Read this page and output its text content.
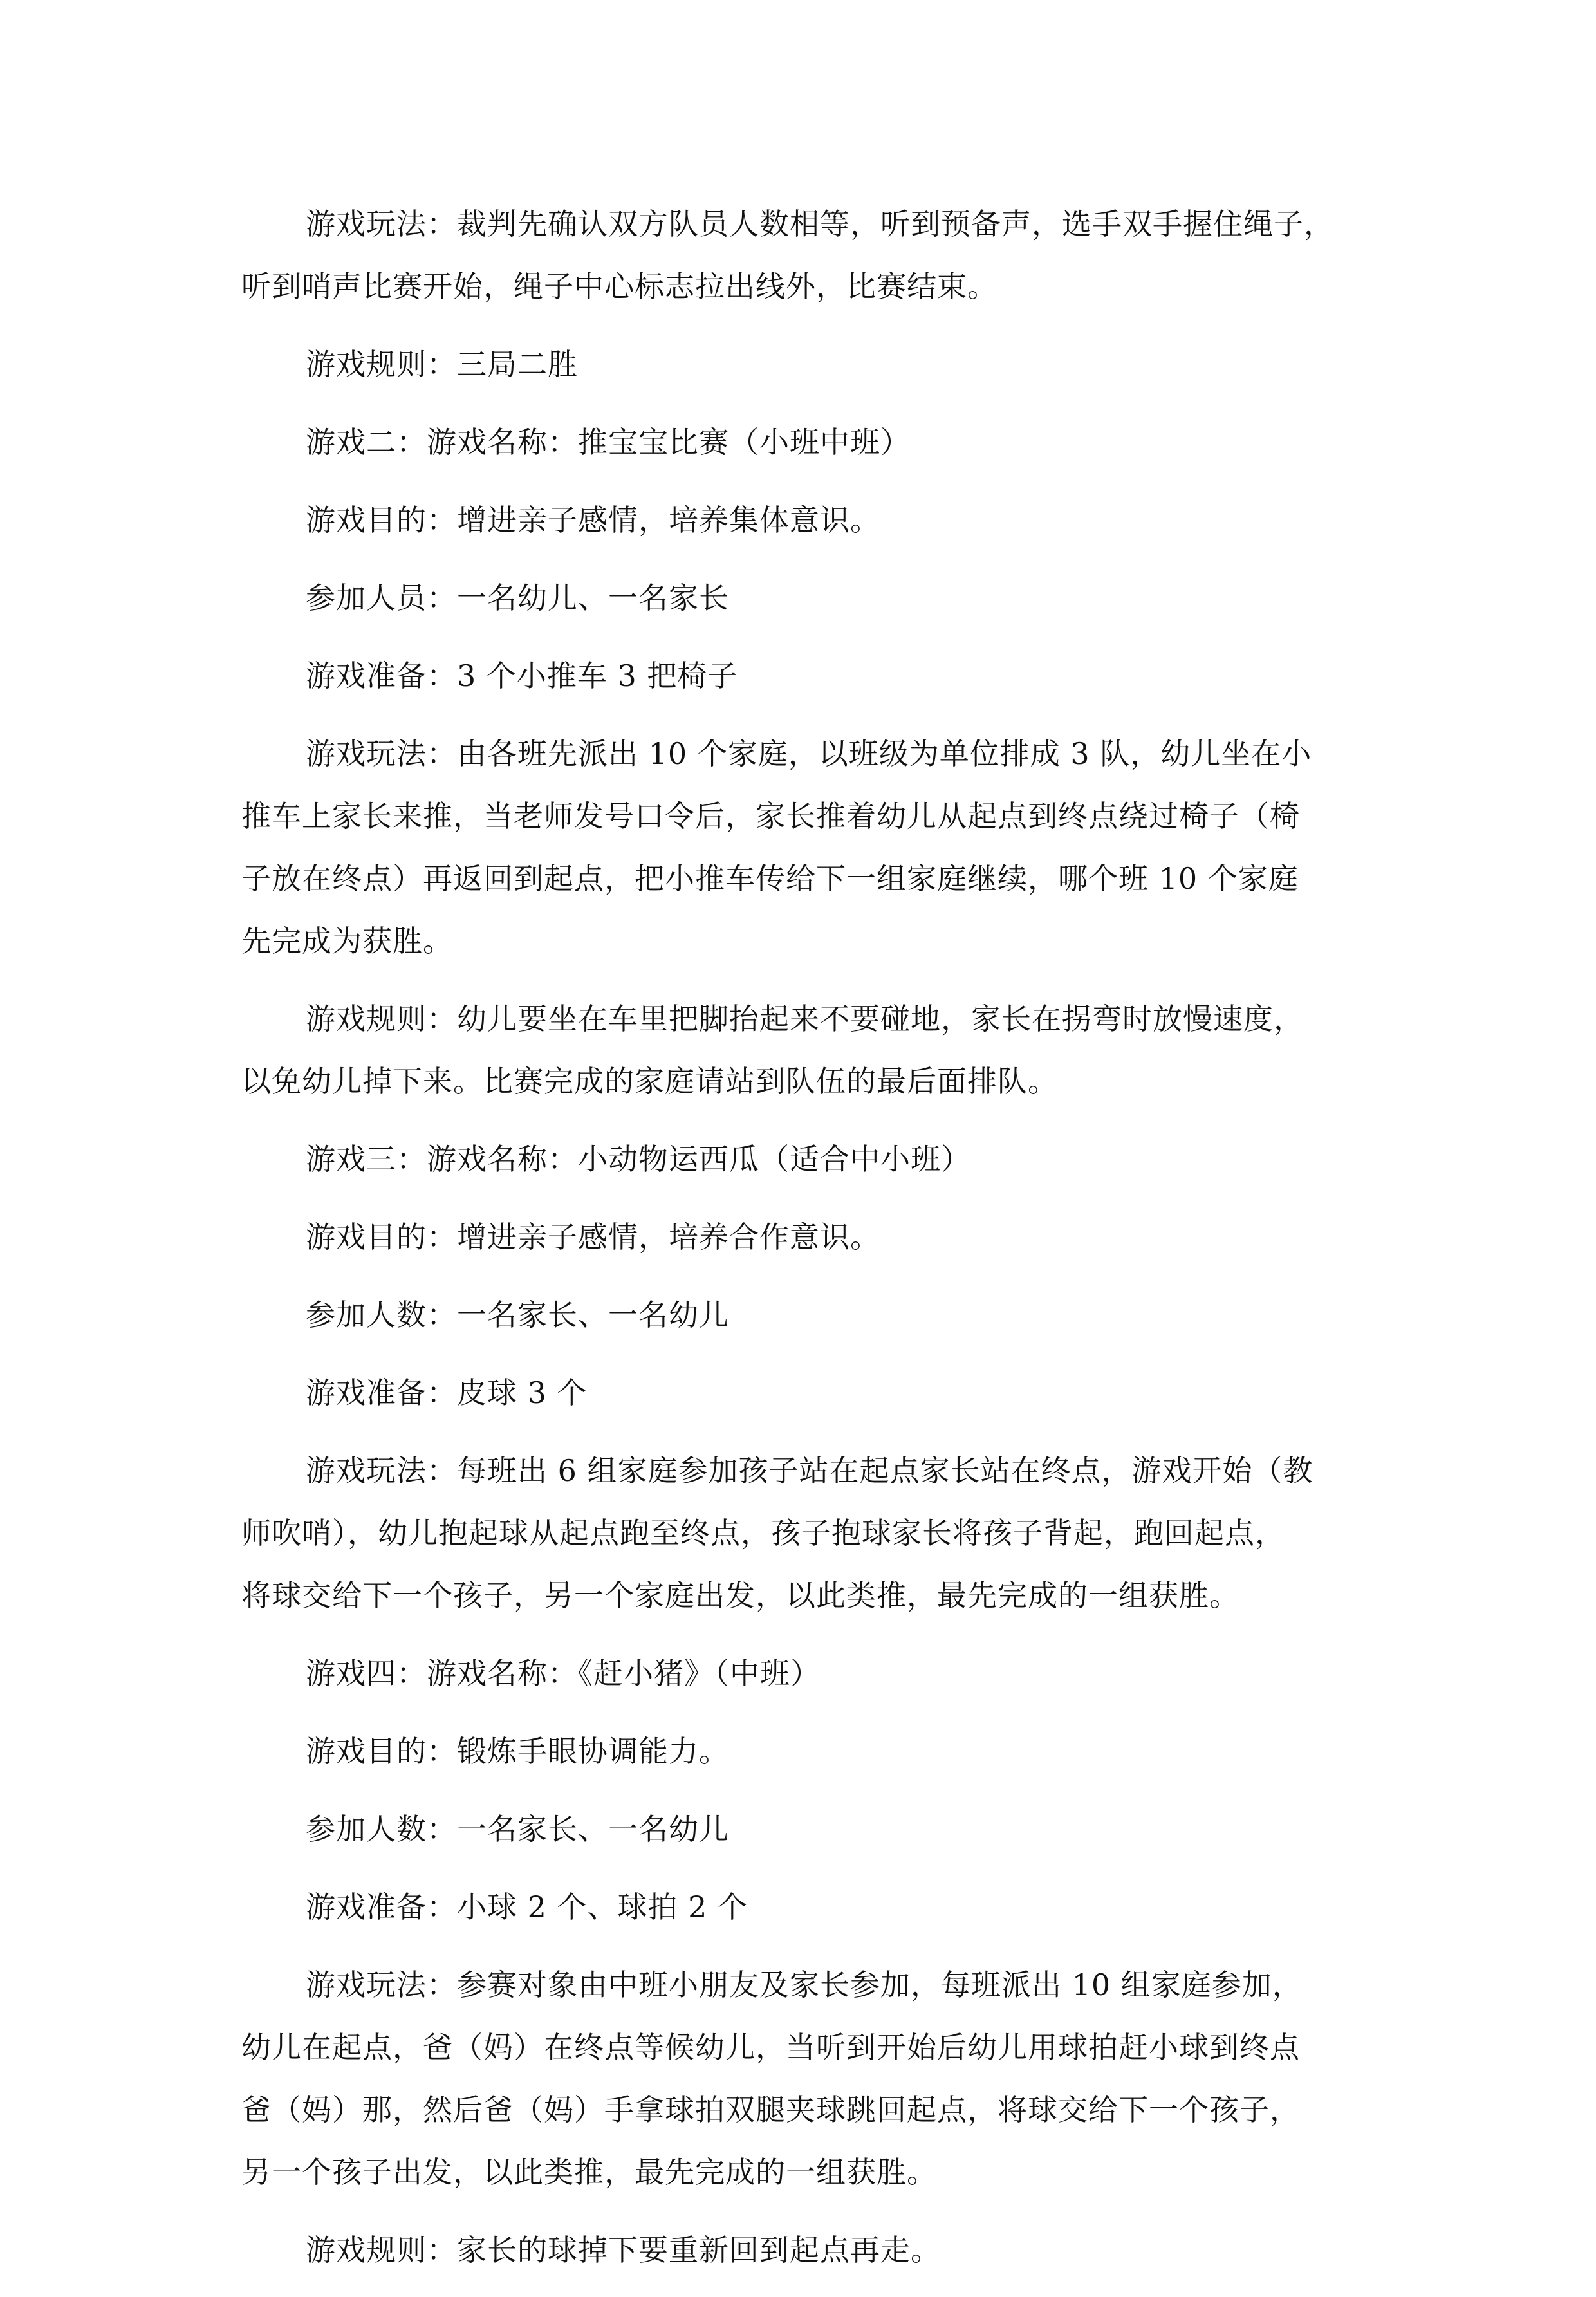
游戏玩法：裁判先确认双方队员人数相等，听到预备声，选手双手握住绳子，
听到哨声比赛开始，绳子中心标志拉出线外，比赛结束。
游戏规则：三局二胜
游戏二：游戏名称：推宝宝比赛（小班中班）
游戏目的：增进亲子感情，培养集体意识。
参加人员：一名幼儿、一名家长
游戏准备：3 个小推车 3 把椅子
游戏玩法：由各班先派出 10 个家庭，以班级为单位排成 3 队，幼儿坐在小
推车上家长来推，当老师发号口令后，家长推着幼儿从起点到终点绕过椅子（椅
子放在终点）再返回到起点，把小推车传给下一组家庭继续，哪个班 10 个家庭
先完成为获胜。
游戏规则：幼儿要坐在车里把脚抬起来不要碰地，家长在拐弯时放慢速度，
以免幼儿掉下来。比赛完成的家庭请站到队伍的最后面排队。
游戏三：游戏名称：小动物运西瓜（适合中小班）
游戏目的：增进亲子感情，培养合作意识。
参加人数：一名家长、一名幼儿
游戏准备：皮球 3 个
游戏玩法：每班出 6 组家庭参加孩子站在起点家长站在终点，游戏开始（教
师吹哨），幼儿抱起球从起点跑至终点，孩子抱球家长将孩子背起，跑回起点，
将球交给下一个孩子，另一个家庭出发，以此类推，最先完成的一组获胜。
游戏四：游戏名称：《赶小猪》（中班）
游戏目的：锻炼手眼协调能力。
参加人数：一名家长、一名幼儿
游戏准备：小球 2 个、球拍 2 个
游戏玩法：参赛对象由中班小朋友及家长参加，每班派出 10 组家庭参加，
幼儿在起点，爸（妈）在终点等候幼儿，当听到开始后幼儿用球拍赶小球到终点
爸（妈）那，然后爸（妈）手拿球拍双腿夹球跳回起点，将球交给下一个孩子，
另一个孩子出发，以此类推，最先完成的一组获胜。
游戏规则：家长的球掉下要重新回到起点再走。
